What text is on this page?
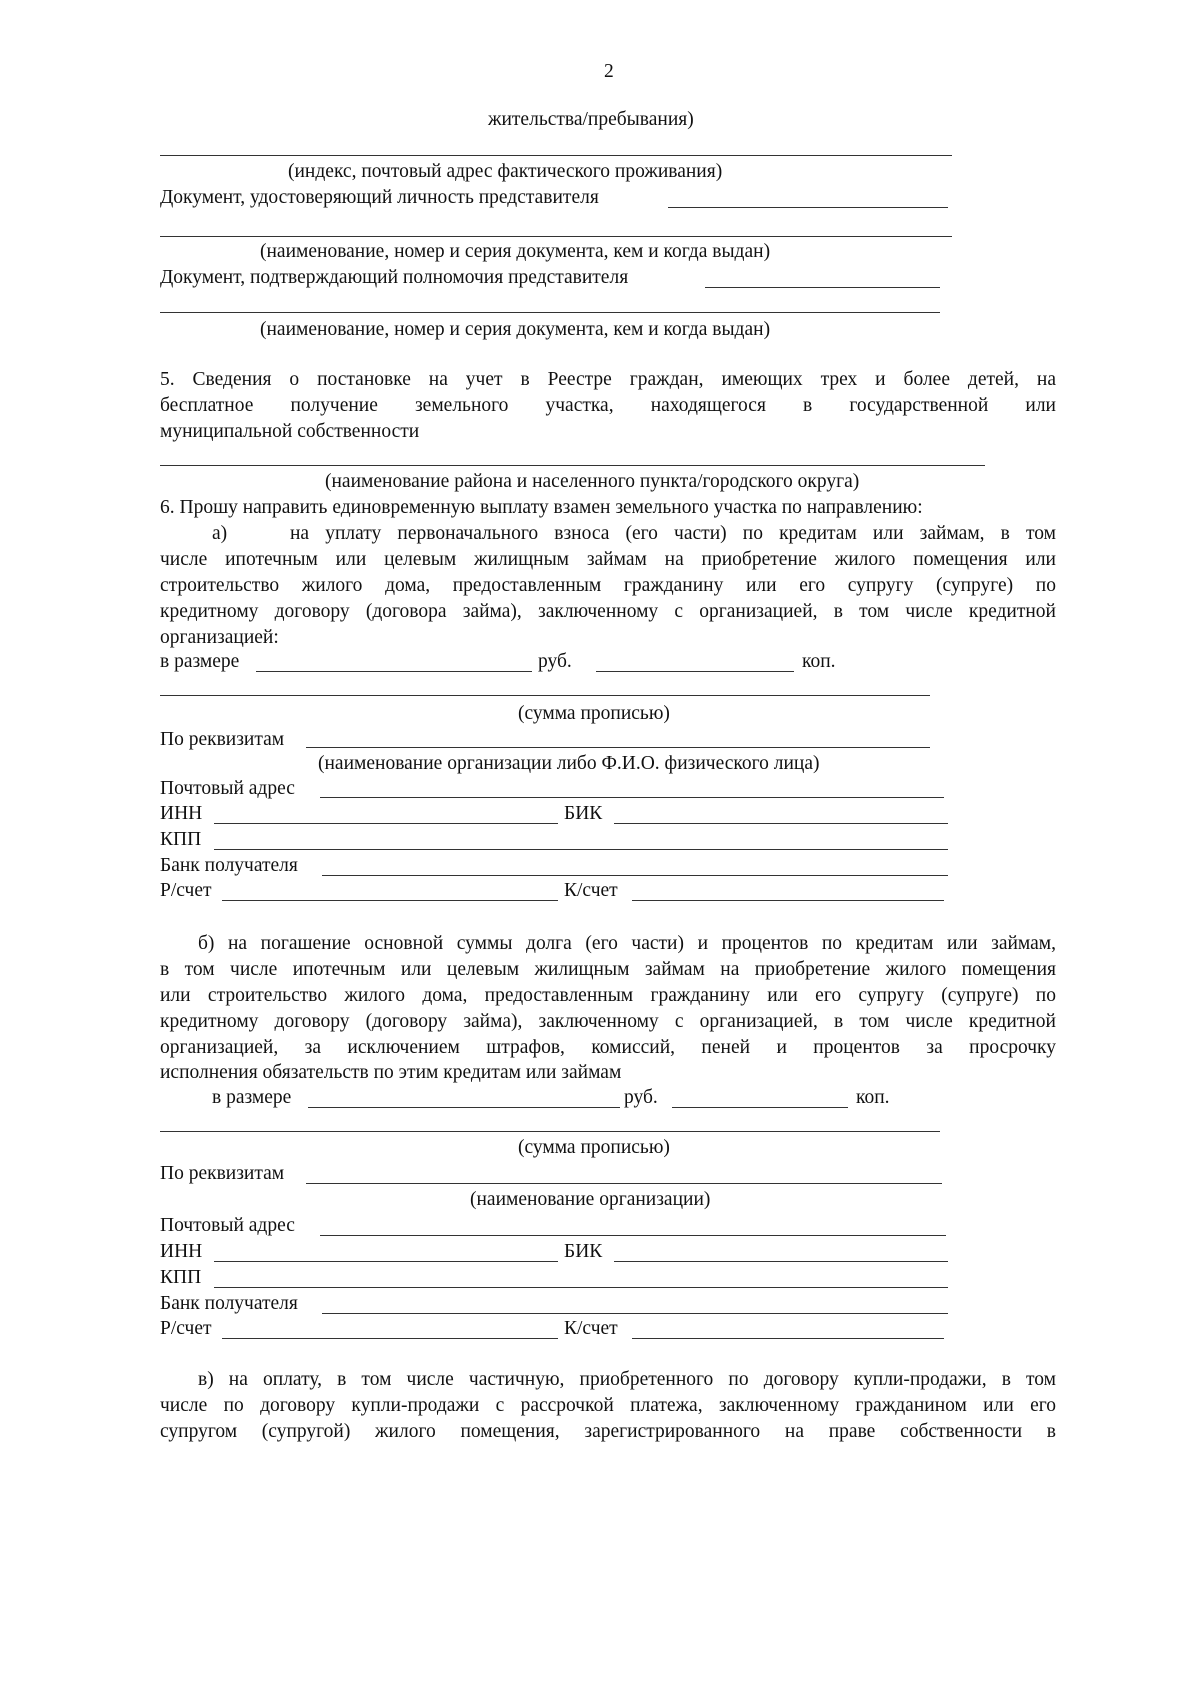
2
жительства/пребывания)
(индекс, почтовый адрес фактического проживания)
Документ, удостоверяющий личность представителя
(наименование, номер и серия документа, кем и когда выдан)
Документ, подтверждающий полномочия представителя
(наименование, номер и серия документа, кем и когда выдан)
5. Сведения о постановке на учет в Реестре граждан, имеющих трех и более детей, на
бесплатное получение земельного участка, находящегося в государственной или
муниципальной собственности
(наименование района и населенного пункта/городского округа)
6. Прошу направить единовременную выплату взамен земельного участка по направлению:
а)	на уплату первоначального взноса (его части) по кредитам или займам, в том
числе ипотечным или целевым жилищным займам на приобретение жилого помещения или
строительство жилого дома, предоставленным гражданину или его супругу (супруге) по
кредитному договору (договора займа), заключенному с организацией, в том числе кредитной
организацией:
в размере	руб.	коп.
(сумма прописью)
По реквизитам
(наименование организации либо Ф.И.О. физического лица)
Почтовый адрес
ИНН	БИК
КПП
Банк получателя
Р/счет	К/счет
б) на погашение основной суммы долга (его части) и процентов по кредитам или займам,
в том числе ипотечным или целевым жилищным займам на приобретение жилого помещения
или строительство жилого дома, предоставленным гражданину или его супругу (супруге) по
кредитному договору (договору займа), заключенному с организацией, в том числе кредитной
организацией, за исключением штрафов, комиссий, пеней и процентов за просрочку
исполнения обязательств по этим кредитам или займам
в размере	руб.	коп.
(сумма прописью)
По реквизитам
(наименование организации)
Почтовый адрес
ИНН	БИК
КПП
Банк получателя
Р/счет	К/счет
в) на оплату, в том числе частичную, приобретенного по договору купли-продажи, в том
числе по договору купли-продажи с рассрочкой платежа, заключенному гражданином или его
супругом (супругой) жилого помещения, зарегистрированного на праве собственности в
